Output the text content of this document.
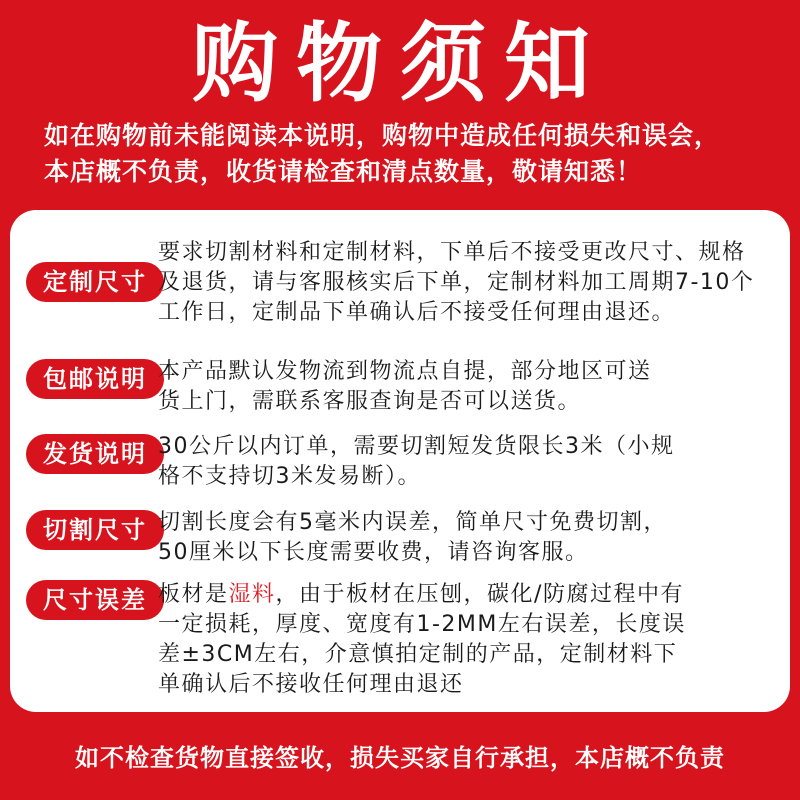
购物须知
如在购物前未能阅读本说明，购物中造成任何损失和误会，
本店概不负责，收货请检查和清点数量，敬请知悉！
定制尺寸
要求切割材料和定制材料，下单后不接受更改尺寸、规格
及退货，请与客服核实后下单，定制材料加工周期7-10个
工作日，定制品下单确认后不接受任何理由退还。
包邮说明 本产品默认发物流到物流点自提，部分地区可送
货上门，需联系客服查询是否可以送货。
发货说明 30公斤以内订单，需要切割短发货限长3米（小规
格不支持切3米发易断）。
切割尺寸 切割长度会有5毫米内误差，简单尺寸免费切割，
50厘米以下长度需要收费，请咨询客服。
尺寸误差 板材是湿料，由于板材在压刨，碳化/防腐过程中有
一定损耗，厚度、宽度有1-2MM左右误差，长度误
差±3CM左右，介意慎拍定制的产品，定制材料下
单确认后不接收任何理由退还
如不检查货物直接签收，损失买家自行承担，本店概不负责
